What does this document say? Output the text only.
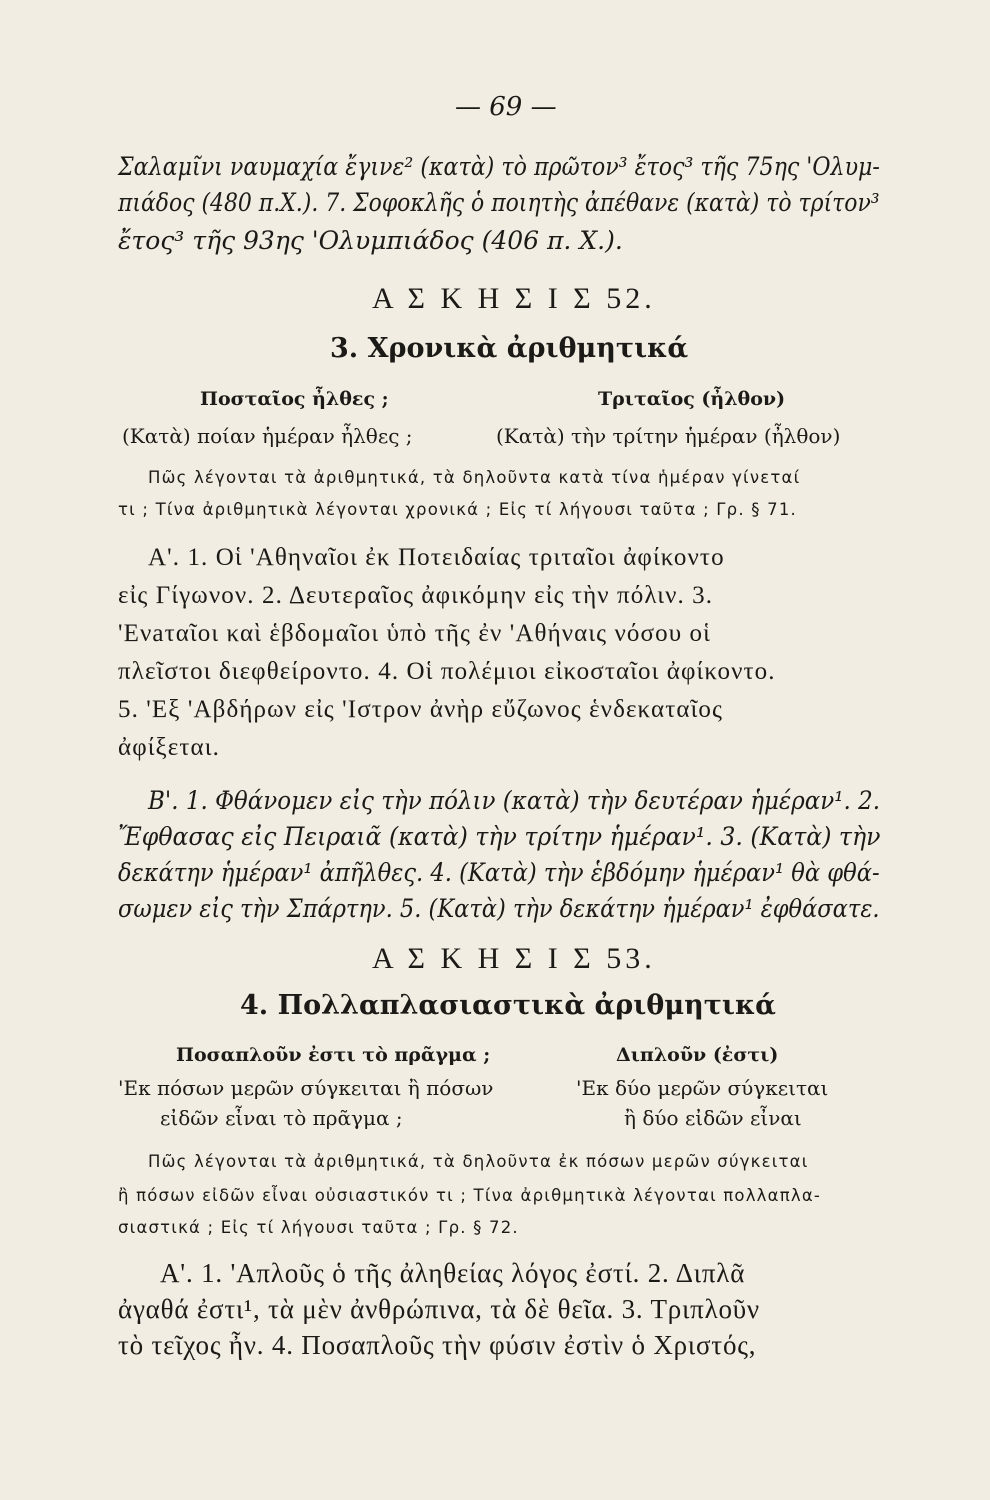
— 69 —
Σαλαμῖνι ναυμαχία ἔγινε² (κατὰ) τὸ πρῶτον³ ἔτος³ τῆς 75ης 'Ολυμ-
πιάδος (480 π.Χ.). 7. Σοφοκλῆς ὁ ποιητὴς ἀπέθανε (κατὰ) τὸ τρίτον³
ἔτος³ τῆς 93ης 'Ολυμπιάδος (406 π. Χ.).
Α Σ Κ Η Σ Ι Σ 52.
3. Χρονικὰ ἀριθμητικά
Ποσταῖος ἦλθες ;	Τριταῖος (ἦλθον)
(Κατὰ) ποίαν ἡμέραν ἦλθες ;	(Κατὰ) τὴν τρίτην ἡμέραν (ἦλθον)
Πῶς λέγονται τὰ ἀριθμητικά, τὰ δηλοῦντα κατὰ τίνα ἡμέραν γίνεταί
τι ; Τίνα ἀριθμητικὰ λέγονται χρονικά ; Εἰς τί λήγουσι ταῦτα ; Γρ. § 71.
Α'. 1. Οἱ 'Αθηναῖοι ἐκ Ποτειδαίας τριταῖοι ἀφίκοντο
εἰς Γίγωνον. 2. Δευτεραῖος ἀφικόμην εἰς τὴν πόλιν. 3.
'Ενаταῖοι καὶ ἑβδομαῖοι ὑπὸ τῆς ἐν 'Αθήναις νόσου οἱ
πλεῖστοι διεφθείροντο. 4. Οἱ πολέμιοι εἰκοσταῖοι ἀφίκοντο.
5. 'Εξ 'Αβδήρων εἰς 'Ιστρον ἀνὴρ εὔζωνος ἑνδεκαταῖος
ἀφίξεται.
Β'. 1. Φθάνομεν εἰς τὴν πόλιν (κατὰ) τὴν δευτέραν ἡμέραν¹. 2.
Ἔφθασας εἰς Πειραιᾶ (κατὰ) τὴν τρίτην ἡμέραν¹. 3. (Κατὰ) τὴν
δεκάτην ἡμέραν¹ ἀπῆλθες. 4. (Κατὰ) τὴν ἑβδόμην ἡμέραν¹ θὰ φθά-
σωμεν εἰς τὴν Σπάρτην. 5. (Κατὰ) τὴν δεκάτην ἡμέραν¹ ἐφθάσατε.
Α Σ Κ Η Σ Ι Σ 53.
4. Πολλαπλασιαστικὰ ἀριθμητικά
Ποσαπλοῦν ἐστι τὸ πρᾶγμα ;	Διπλοῦν (ἐστι)
'Εκ πόσων μερῶν σύγκειται ἢ πόσων	'Εκ δύο μερῶν σύγκειται
εἰδῶν εἶναι τὸ πρᾶγμα ;	ἢ δύο εἰδῶν εἶναι
Πῶς λέγονται τὰ ἀριθμητικά, τὰ δηλοῦντα ἐκ πόσων μερῶν σύγκειται
ἢ πόσων εἰδῶν εἶναι οὐσιαστικόν τι ; Τίνα ἀριθμητικὰ λέγονται πολλαπλα-
σιαστικά ; Εἰς τί λήγουσι ταῦτα ; Γρ. § 72.
Α'. 1. 'Απλοῦς ὁ τῆς ἀληθείας λόγος ἐστί. 2. Διπλᾶ
ἀγαθά ἐστι¹, τὰ μὲν ἀνθρώπινα, τὰ δὲ θεῖα. 3. Τριπλοῦν
τὸ τεῖχος ἦν. 4. Ποσαπλοῦς τὴν φύσιν ἐστὶν ὁ Χριστός,
